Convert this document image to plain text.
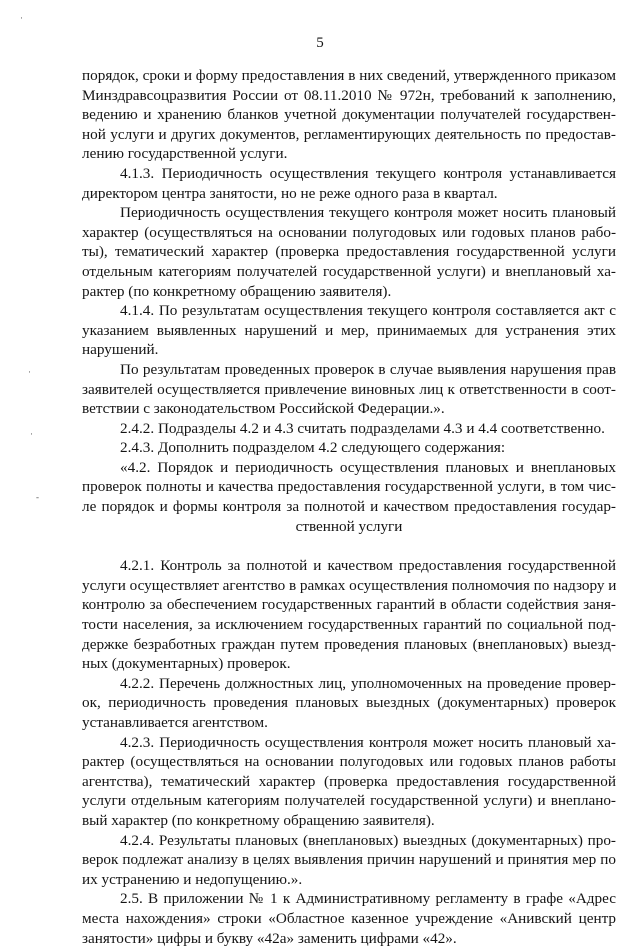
5
·
·
·
-
порядок, сроки и форму предоставления в них сведений, утвержденного приказом
Минздравсоцразвития России от 08.11.2010 № 972н, требований к заполнению,
ведению и хранению бланков учетной документации получателей государствен-
ной услуги и других документов, регламентирующих деятельность по предостав-
лению государственной услуги.
4.1.3. Периодичность осуществления текущего контроля устанавливается
директором центра занятости, но не реже одного раза в квартал.
Периодичность осуществления текущего контроля может носить плановый
характер (осуществляться на основании полугодовых или годовых планов рабо-
ты), тематический характер (проверка предоставления государственной услуги
отдельным категориям получателей государственной услуги) и внеплановый ха-
рактер (по конкретному обращению заявителя).
4.1.4. По результатам осуществления текущего контроля составляется акт с
указанием выявленных нарушений и мер, принимаемых для устранения этих
нарушений.
По результатам проведенных проверок в случае выявления нарушения прав
заявителей осуществляется привлечение виновных лиц к ответственности в соот-
ветствии с законодательством Российской Федерации.».
2.4.2. Подразделы 4.2 и 4.3 считать подразделами 4.3 и 4.4 соответственно.
2.4.3. Дополнить подразделом 4.2 следующего содержания:
«4.2. Порядок и периодичность осуществления плановых и внеплановых
проверок полноты и качества предоставления государственной услуги, в том чис-
ле порядок и формы контроля за полнотой и качеством предоставления государ-
ственной услуги
4.2.1. Контроль за полнотой и качеством предоставления государственной
услуги осуществляет агентство в рамках осуществления полномочия по надзору и
контролю за обеспечением государственных гарантий в области содействия заня-
тости населения, за исключением государственных гарантий по социальной под-
держке безработных граждан путем проведения плановых (внеплановых) выезд-
ных (документарных) проверок.
4.2.2. Перечень должностных лиц, уполномоченных на проведение провер-
ок, периодичность проведения плановых выездных (документарных) проверок
устанавливается агентством.
4.2.3. Периодичность осуществления контроля может носить плановый ха-
рактер (осуществляться на основании полугодовых или годовых планов работы
агентства), тематический характер (проверка предоставления государственной
услуги отдельным категориям получателей государственной услуги) и внеплано-
вый характер (по конкретному обращению заявителя).
4.2.4. Результаты плановых (внеплановых) выездных (документарных) про-
верок подлежат анализу в целях выявления причин нарушений и принятия мер по
их устранению и недопущению.».
2.5. В приложении № 1 к Административному регламенту в графе «Адрес
места нахождения» строки «Областное казенное учреждение «Анивский центр
занятости» цифры и букву «42а» заменить цифрами «42».
